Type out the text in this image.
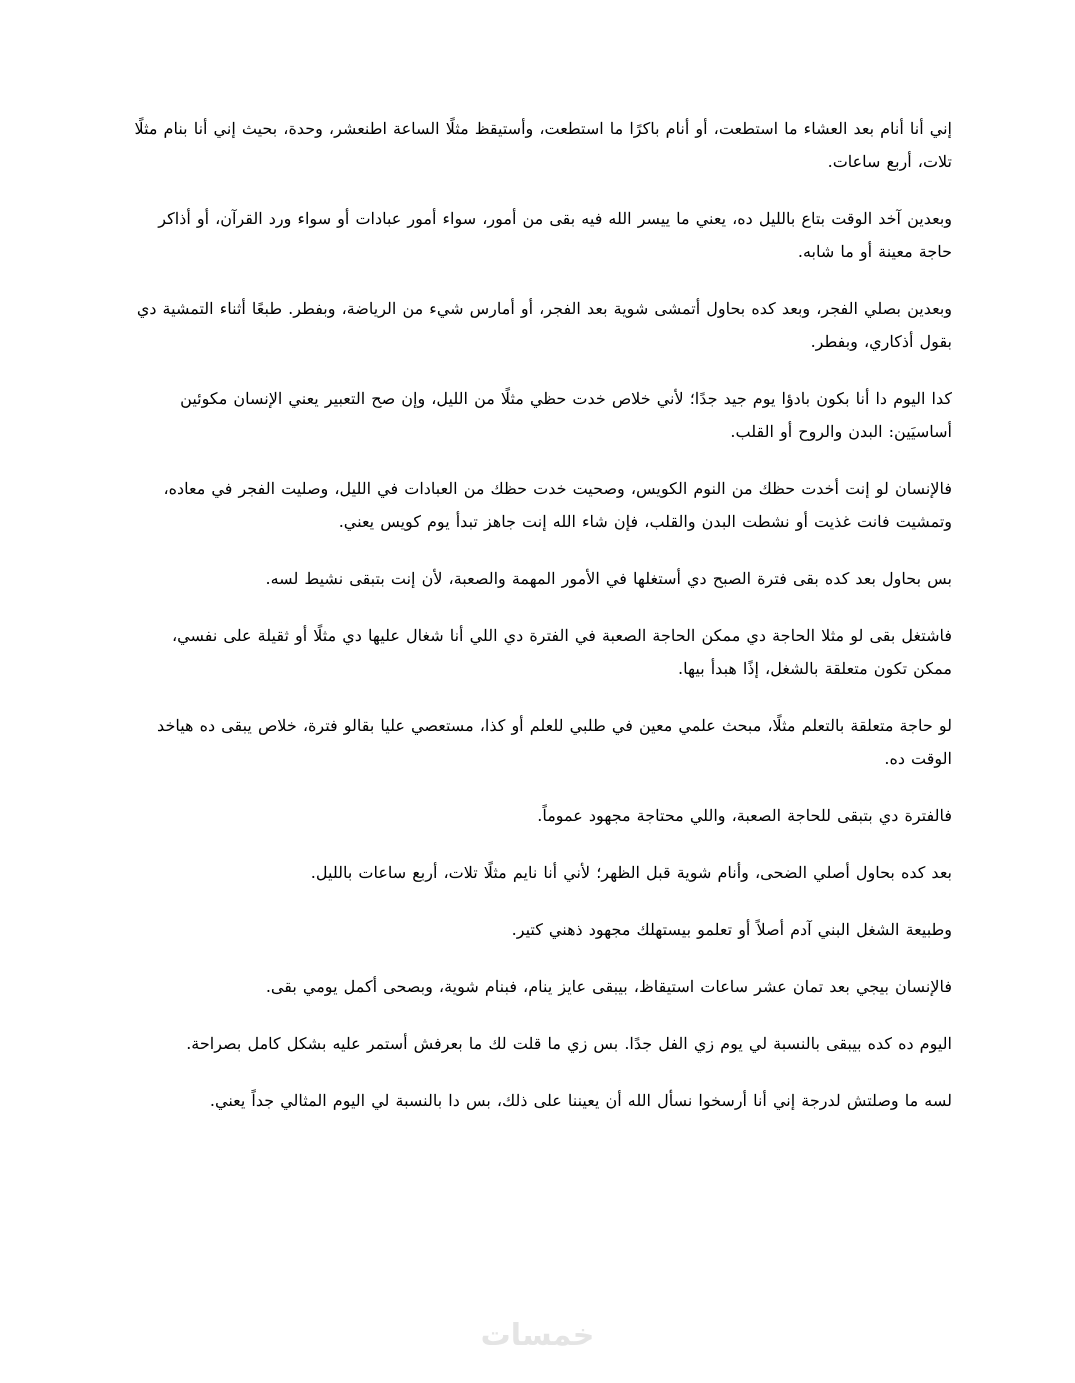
إني أنا أنام بعد العشاء ما استطعت، أو أنام باكرًا ما استطعت، وأستيقظ مثلًا الساعة اطنعشر، وحدة، بحيث إني أنا بنام مثلًا تلات، أربع ساعات.

وبعدين آخد الوقت بتاع بالليل ده، يعني ما ييسر الله فيه بقى من أمور، سواء أمور عبادات أو سواء ورد القرآن، أو أذاكر حاجة معينة أو ما شابه.

وبعدين بصلي الفجر، وبعد كده بحاول أتمشى شوية بعد الفجر، أو أمارس شيء من الرياضة، وبفطر. طبعًا أثناء التمشية دي بقول أذكاري، وبفطر.

كدا اليوم دا أنا بكون بادؤا يوم جيد جدًا؛ لأني خلاص خدت حظي مثلًا من الليل، وإن صح التعبير يعني الإنسان مكوئين أساسيَين: البدن والروح أو القلب.

فالإنسان لو إنت أخدت حظك من النوم الكويس، وصحيت خدت حظك من العبادات في الليل، وصليت الفجر في معاده، وتمشيت فانت غذيت أو نشطت البدن والقلب، فإن شاء الله إنت جاهز تبدأ يوم كويس يعني.

بس بحاول بعد كده بقى فترة الصبح دي أستغلها في الأمور المهمة والصعبة، لأن إنت بتبقى نشيط لسه.

فاشتغل بقى لو مثلا الحاجة دي ممكن الحاجة الصعبة في الفترة دي اللي أنا شغال عليها دي مثلًا أو ثقيلة على نفسي، ممكن تكون متعلقة بالشغل، إذًا هبدأ بيها.

لو حاجة متعلقة بالتعلم مثلًا، مبحث علمي معين في طلبي للعلم أو كذا، مستعصي عليا بقالو فترة، خلاص يبقى ده هياخد الوقت ده.

فالفترة دي بتبقى للحاجة الصعبة، واللي محتاجة مجهود عموماً.

بعد كده بحاول أصلي الضحى، وأنام شوية قبل الظهر؛ لأني أنا نايم مثلًا تلات، أربع ساعات بالليل.

وطبيعة الشغل البني آدم أصلاً أو تعلمو بيستهلك مجهود ذهني كتير.

فالإنسان بيجي بعد تمان عشر ساعات استيقاظ، بيبقى عايز ينام، فبنام شوية، وبصحى أكمل يومي بقى.

اليوم ده كده بيبقى بالنسبة لي يوم زي الفل جدًا. بس زي ما قلت لك ما بعرفش أستمر عليه بشكل كامل بصراحة.

لسه ما وصلتش لدرجة إني أنا أرسخوا نسأل الله أن يعيننا على ذلك، بس دا بالنسبة لي اليوم المثالي جداً يعني.

خمسات
